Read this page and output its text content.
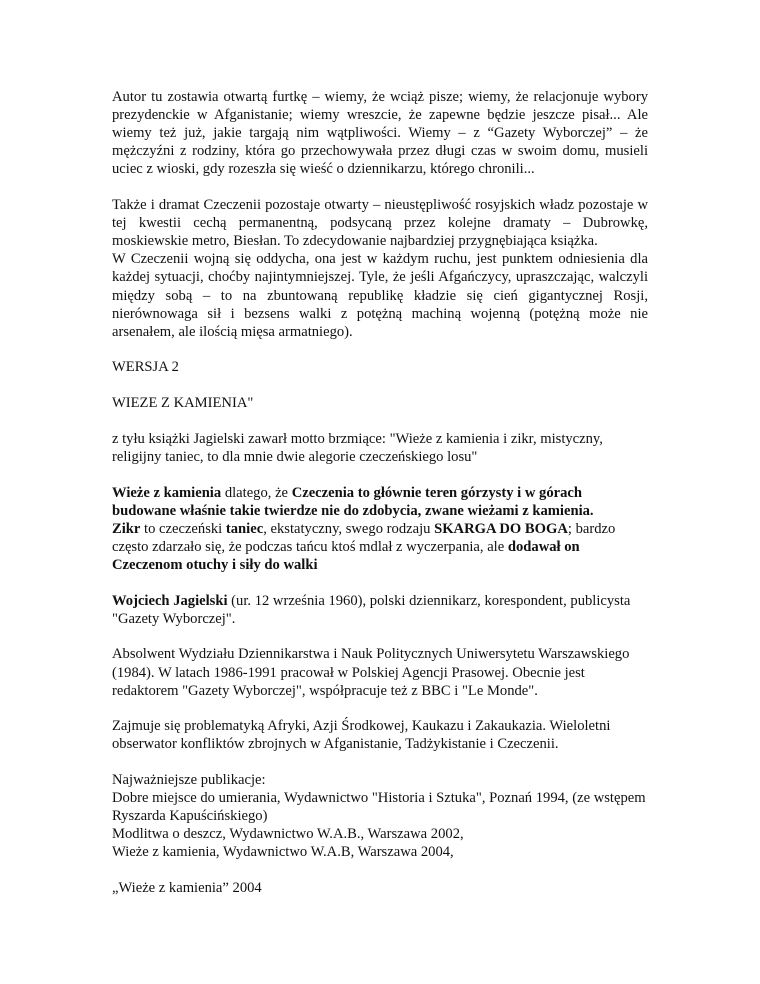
Autor tu zostawia otwartą furtkę – wiemy, że wciąż pisze; wiemy, że relacjonuje wybory prezydenckie w Afganistanie; wiemy wreszcie, że zapewne będzie jeszcze pisał... Ale wiemy też już, jakie targają nim wątpliwości. Wiemy – z “Gazety Wyborczej” – że mężczyźni z rodziny, która go przechowywała przez długi czas w swoim domu, musieli uciec z wioski, gdy rozeszła się wieść o dziennikarzu, którego chronili...

Także i dramat Czeczenii pozostaje otwarty – nieustępliwość rosyjskich władz pozostaje w tej kwestii cechą permanentną, podsycaną przez kolejne dramaty – Dubrowkę, moskiewskie metro, Biesłan. To zdecydowanie najbardziej przygnębiająca książka.

W Czeczenii wojną się oddycha, ona jest w każdym ruchu, jest punktem odniesienia dla każdej sytuacji, choćby najintymniejszej. Tyle, że jeśli Afgańczycy, upraszczając, walczyli między sobą – to na zbuntowaną republikę kładzie się cień gigantycznej Rosji, nierównowaga sił i bezsens walki z potężną machiną wojenną (potężną może nie arsenałem, ale ilością mięsa armatniego).

WERSJA 2

WIEZE Z KAMIENIA"

z tyłu książki Jagielski zawarł motto brzmiące: "Wieże z kamienia i zikr, mistyczny, religijny taniec, to dla mnie dwie alegorie czeczeńskiego losu"

Wieże z kamienia dlatego, że Czeczenia to głównie teren górzysty i w górach budowane właśnie takie twierdze nie do zdobycia, zwane wieżami z kamienia.

Zikr to czeczeński taniec, ekstatyczny, swego rodzaju SKARGA DO BOGA; bardzo często zdarzało się, że podczas tańcu ktoś mdlał z wyczerpania, ale dodawał on Czeczenom otuchy i siły do walki

Wojciech Jagielski (ur. 12 września 1960), polski dziennikarz, korespondent, publicysta "Gazety Wyborczej".

Absolwent Wydziału Dziennikarstwa i Nauk Politycznych Uniwersytetu Warszawskiego (1984). W latach 1986-1991 pracował w Polskiej Agencji Prasowej. Obecnie jest redaktorem "Gazety Wyborczej", współpracuje też z BBC i "Le Monde".

Zajmuje się problematyką Afryki, Azji Środkowej, Kaukazu i Zakaukazia. Wieloletni obserwator konfliktów zbrojnych w Afganistanie, Tadżykistanie i Czeczenii.

Najważniejsze publikacje:

Dobre miejsce do umierania, Wydawnictwo "Historia i Sztuka", Poznań 1994, (ze wstępem Ryszarda Kapuścińskiego)

Modlitwa o deszcz, Wydawnictwo W.A.B., Warszawa 2002,

Wieże z kamienia, Wydawnictwo W.A.B, Warszawa 2004,

„Wieże z kamienia” 2004
